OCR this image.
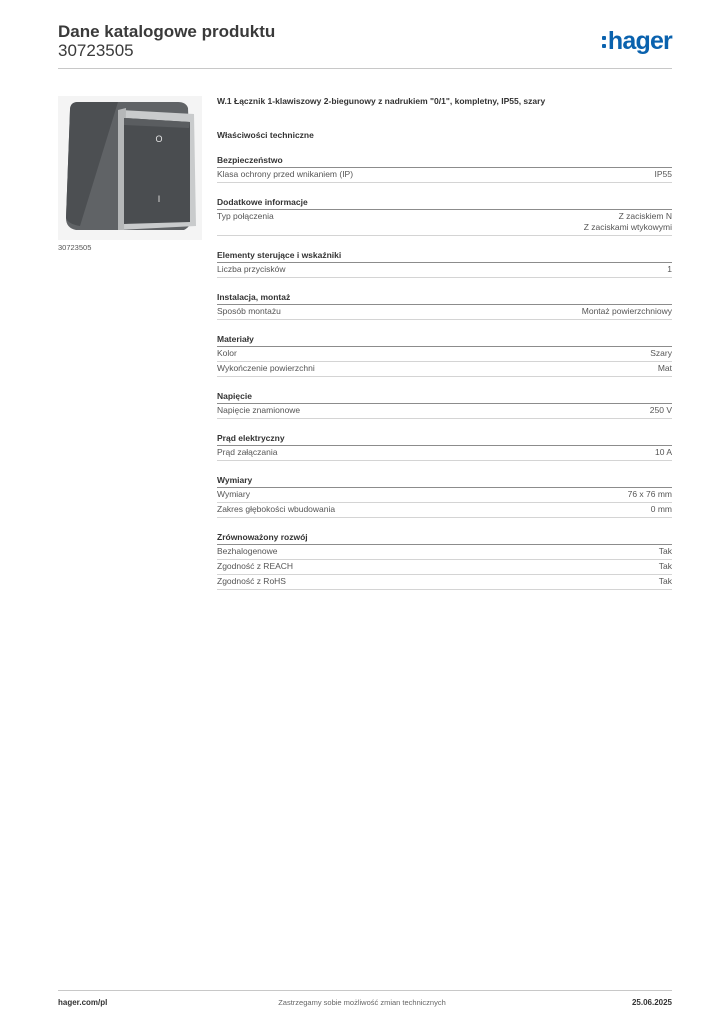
Dane katalogowe produktu
30723505	hager
O
I
30723505
W.1 Łącznik 1-klawiszowy 2-biegunowy z nadrukiem "0/1", kompletny, IP55, szary
Właściwości techniczne
Bezpieczeństwo
Klasa ochrony przed wnikaniem (IP)	IP55
Dodatkowe informacje
Typ połączenia	Z zaciskiem N
Z zaciskami wtykowymi
Elementy sterujące i wskaźniki
Liczba przycisków	1
Instalacja, montaż
Sposób montażu	Montaż powierzchniowy
Materiały
Kolor	Szary
Wykończenie powierzchni	Mat
Napięcie
Napięcie znamionowe	250 V
Prąd elektryczny
Prąd załączania	10 A
Wymiary
Wymiary	76 x 76 mm
Zakres głębokości wbudowania	0 mm
Zrównoważony rozwój
Bezhalogenowe	Tak
Zgodność z REACH	Tak
Zgodność z RoHS	Tak
Zastrzegamy sobie możliwość zmian technicznych
hager.com/pl	25.06.2025
